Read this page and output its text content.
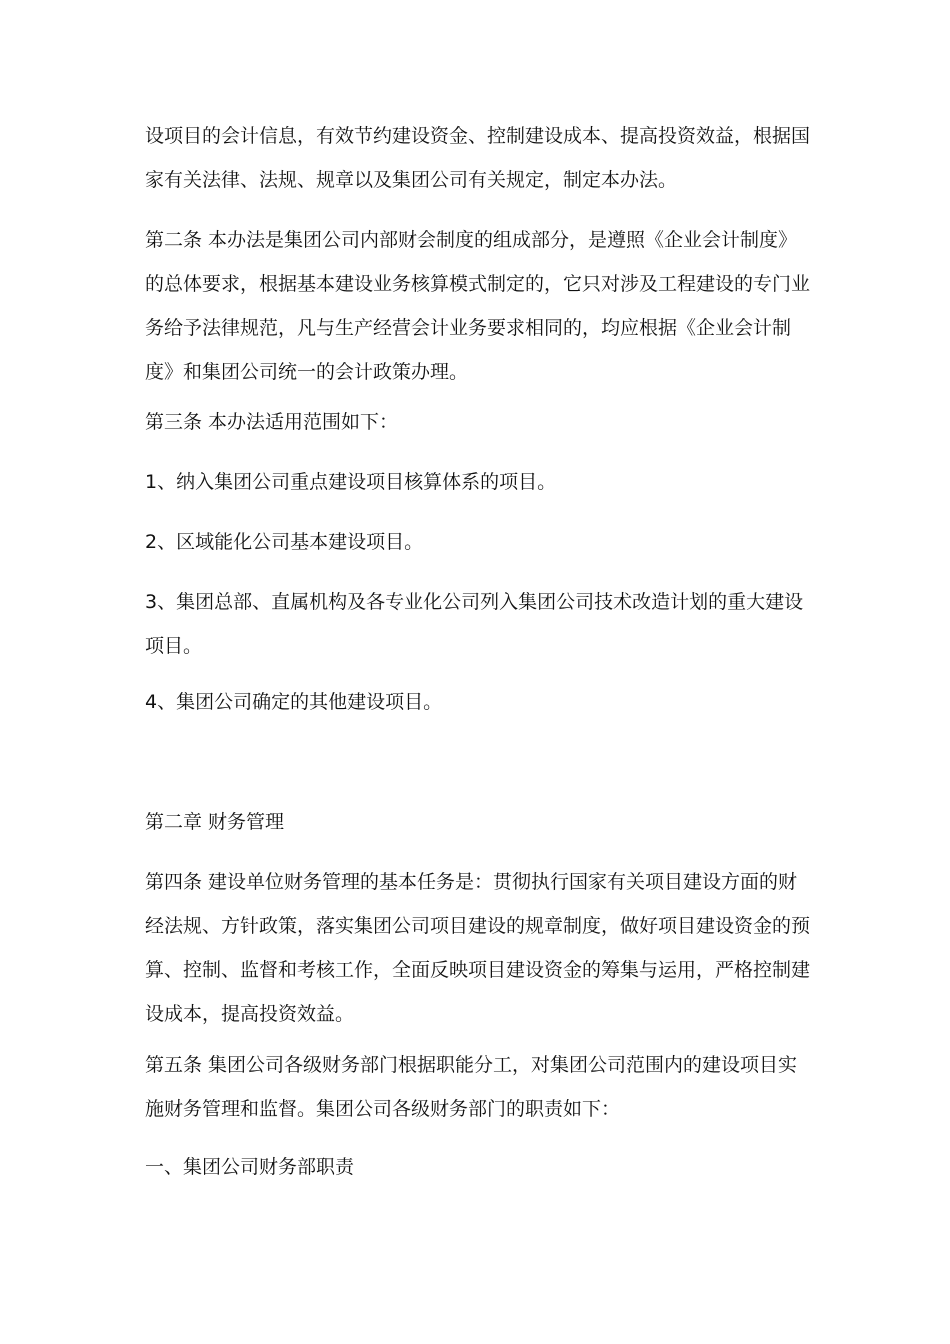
设项目的会计信息，有效节约建设资金、控制建设成本、提高投资效益，根据国家有关法律、法规、规章以及集团公司有关规定，制定本办法。

第二条 本办法是集团公司内部财会制度的组成部分，是遵照《企业会计制度》的总体要求，根据基本建设业务核算模式制定的，它只对涉及工程建设的专门业务给予法律规范，凡与生产经营会计业务要求相同的，均应根据《企业会计制度》和集团公司统一的会计政策办理。

第三条 本办法适用范围如下：

1、纳入集团公司重点建设项目核算体系的项目。

2、区域能化公司基本建设项目。

3、集团总部、直属机构及各专业化公司列入集团公司技术改造计划的重大建设项目。

4、集团公司确定的其他建设项目。

第二章 财务管理

第四条 建设单位财务管理的基本任务是：贯彻执行国家有关项目建设方面的财经法规、方针政策，落实集团公司项目建设的规章制度，做好项目建设资金的预算、控制、监督和考核工作，全面反映项目建设资金的筹集与运用，严格控制建设成本，提高投资效益。

第五条 集团公司各级财务部门根据职能分工，对集团公司范围内的建设项目实施财务管理和监督。集团公司各级财务部门的职责如下：

一、集团公司财务部职责
